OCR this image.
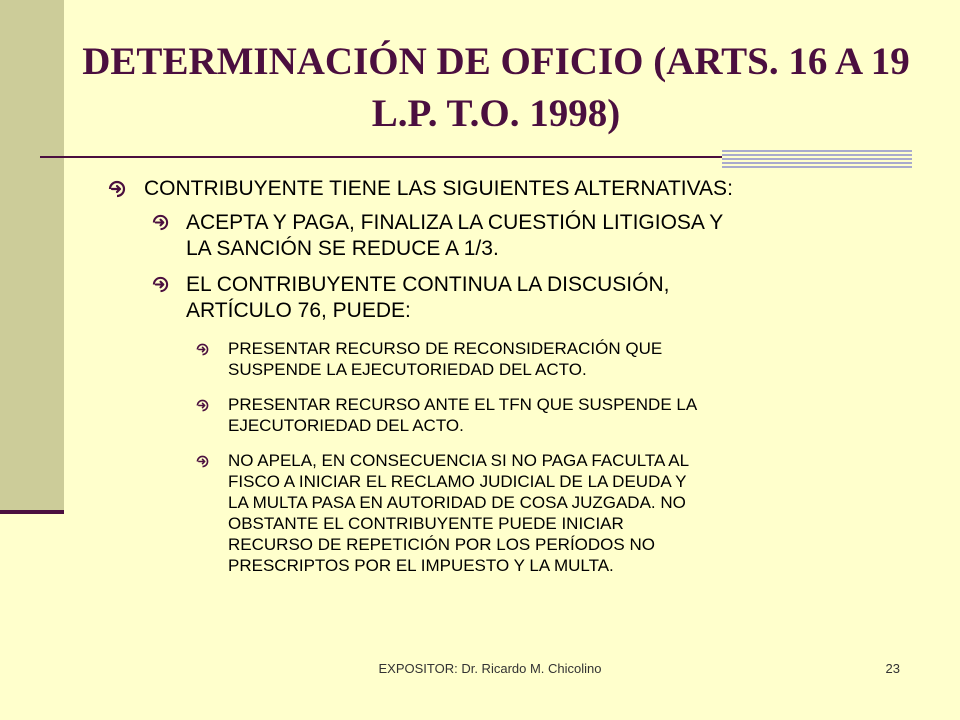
DETERMINACIÓN DE OFICIO (ARTS. 16 A 19 L.P. T.O. 1998)
CONTRIBUYENTE TIENE LAS SIGUIENTES ALTERNATIVAS:
ACEPTA Y PAGA, FINALIZA LA CUESTIÓN LITIGIOSA Y
LA SANCIÓN SE REDUCE A 1/3.
EL CONTRIBUYENTE CONTINUA LA DISCUSIÓN,
ARTÍCULO 76, PUEDE:
PRESENTAR RECURSO DE RECONSIDERACIÓN QUE
SUSPENDE LA EJECUTORIEDAD DEL ACTO.
PRESENTAR RECURSO ANTE EL TFN QUE SUSPENDE LA
EJECUTORIEDAD DEL ACTO.
NO APELA, EN CONSECUENCIA SI NO PAGA FACULTA AL
FISCO A INICIAR EL RECLAMO JUDICIAL DE LA DEUDA Y
LA MULTA PASA EN AUTORIDAD DE COSA JUZGADA. NO
OBSTANTE EL CONTRIBUYENTE PUEDE INICIAR
RECURSO DE REPETICIÓN POR LOS PERÍODOS NO
PRESCRIPTOS POR EL IMPUESTO Y LA MULTA.
EXPOSITOR: Dr. Ricardo M. Chicolino	23
